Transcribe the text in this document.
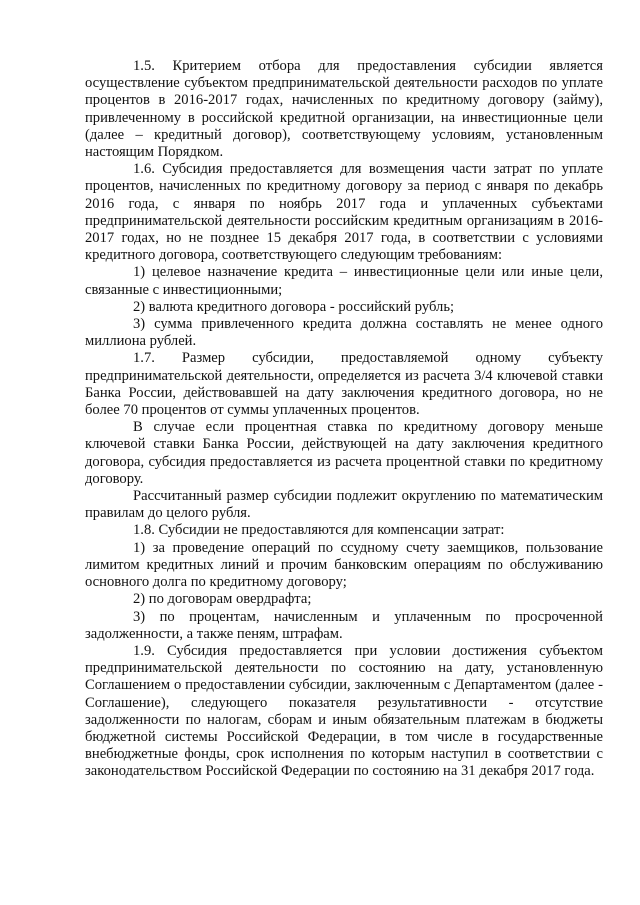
1.5. Критерием отбора для предоставления субсидии является осуществление субъектом предпринимательской деятельности расходов по уплате процентов в 2016-2017 годах, начисленных по кредитному договору (займу), привлеченному в российской кредитной организации, на инвестиционные цели (далее – кредитный договор), соответствующему условиям, установленным настоящим Порядком.

1.6. Субсидия предоставляется для возмещения части затрат по уплате процентов, начисленных по кредитному договору за период с января по декабрь 2016 года, с января по ноябрь 2017 года и уплаченных субъектами предпринимательской деятельности российским кредитным организациям в 2016-2017 годах, но не позднее 15 декабря 2017 года, в соответствии с условиями кредитного договора, соответствующего следующим требованиям:

1) целевое назначение кредита – инвестиционные цели или иные цели, связанные с инвестиционными;

2) валюта кредитного договора - российский рубль;

3) сумма привлеченного кредита должна составлять не менее одного миллиона рублей.

1.7. Размер субсидии, предоставляемой одному субъекту предпринимательской деятельности, определяется из расчета 3/4 ключевой ставки Банка России, действовавшей на дату заключения кредитного договора, но не более 70 процентов от суммы уплаченных процентов.

В случае если процентная ставка по кредитному договору меньше ключевой ставки Банка России, действующей на дату заключения кредитного договора, субсидия предоставляется из расчета процентной ставки по кредитному договору.

Рассчитанный размер субсидии подлежит округлению по математическим правилам до целого рубля.

1.8. Субсидии не предоставляются для компенсации затрат:

1) за проведение операций по ссудному счету заемщиков, пользование лимитом кредитных линий и прочим банковским операциям по обслуживанию основного долга по кредитному договору;

2) по договорам овердрафта;

3) по процентам, начисленным и уплаченным по просроченной задолженности, а также пеням, штрафам.

1.9. Субсидия предоставляется при условии достижения субъектом предпринимательской деятельности по состоянию на дату, установленную Соглашением о предоставлении субсидии, заключенным с Департаментом (далее - Соглашение), следующего показателя результативности - отсутствие задолженности по налогам, сборам и иным обязательным платежам в бюджеты бюджетной системы Российской Федерации, в том числе в государственные внебюджетные фонды, срок исполнения по которым наступил в соответствии с законодательством Российской Федерации по состоянию на 31 декабря 2017 года.
